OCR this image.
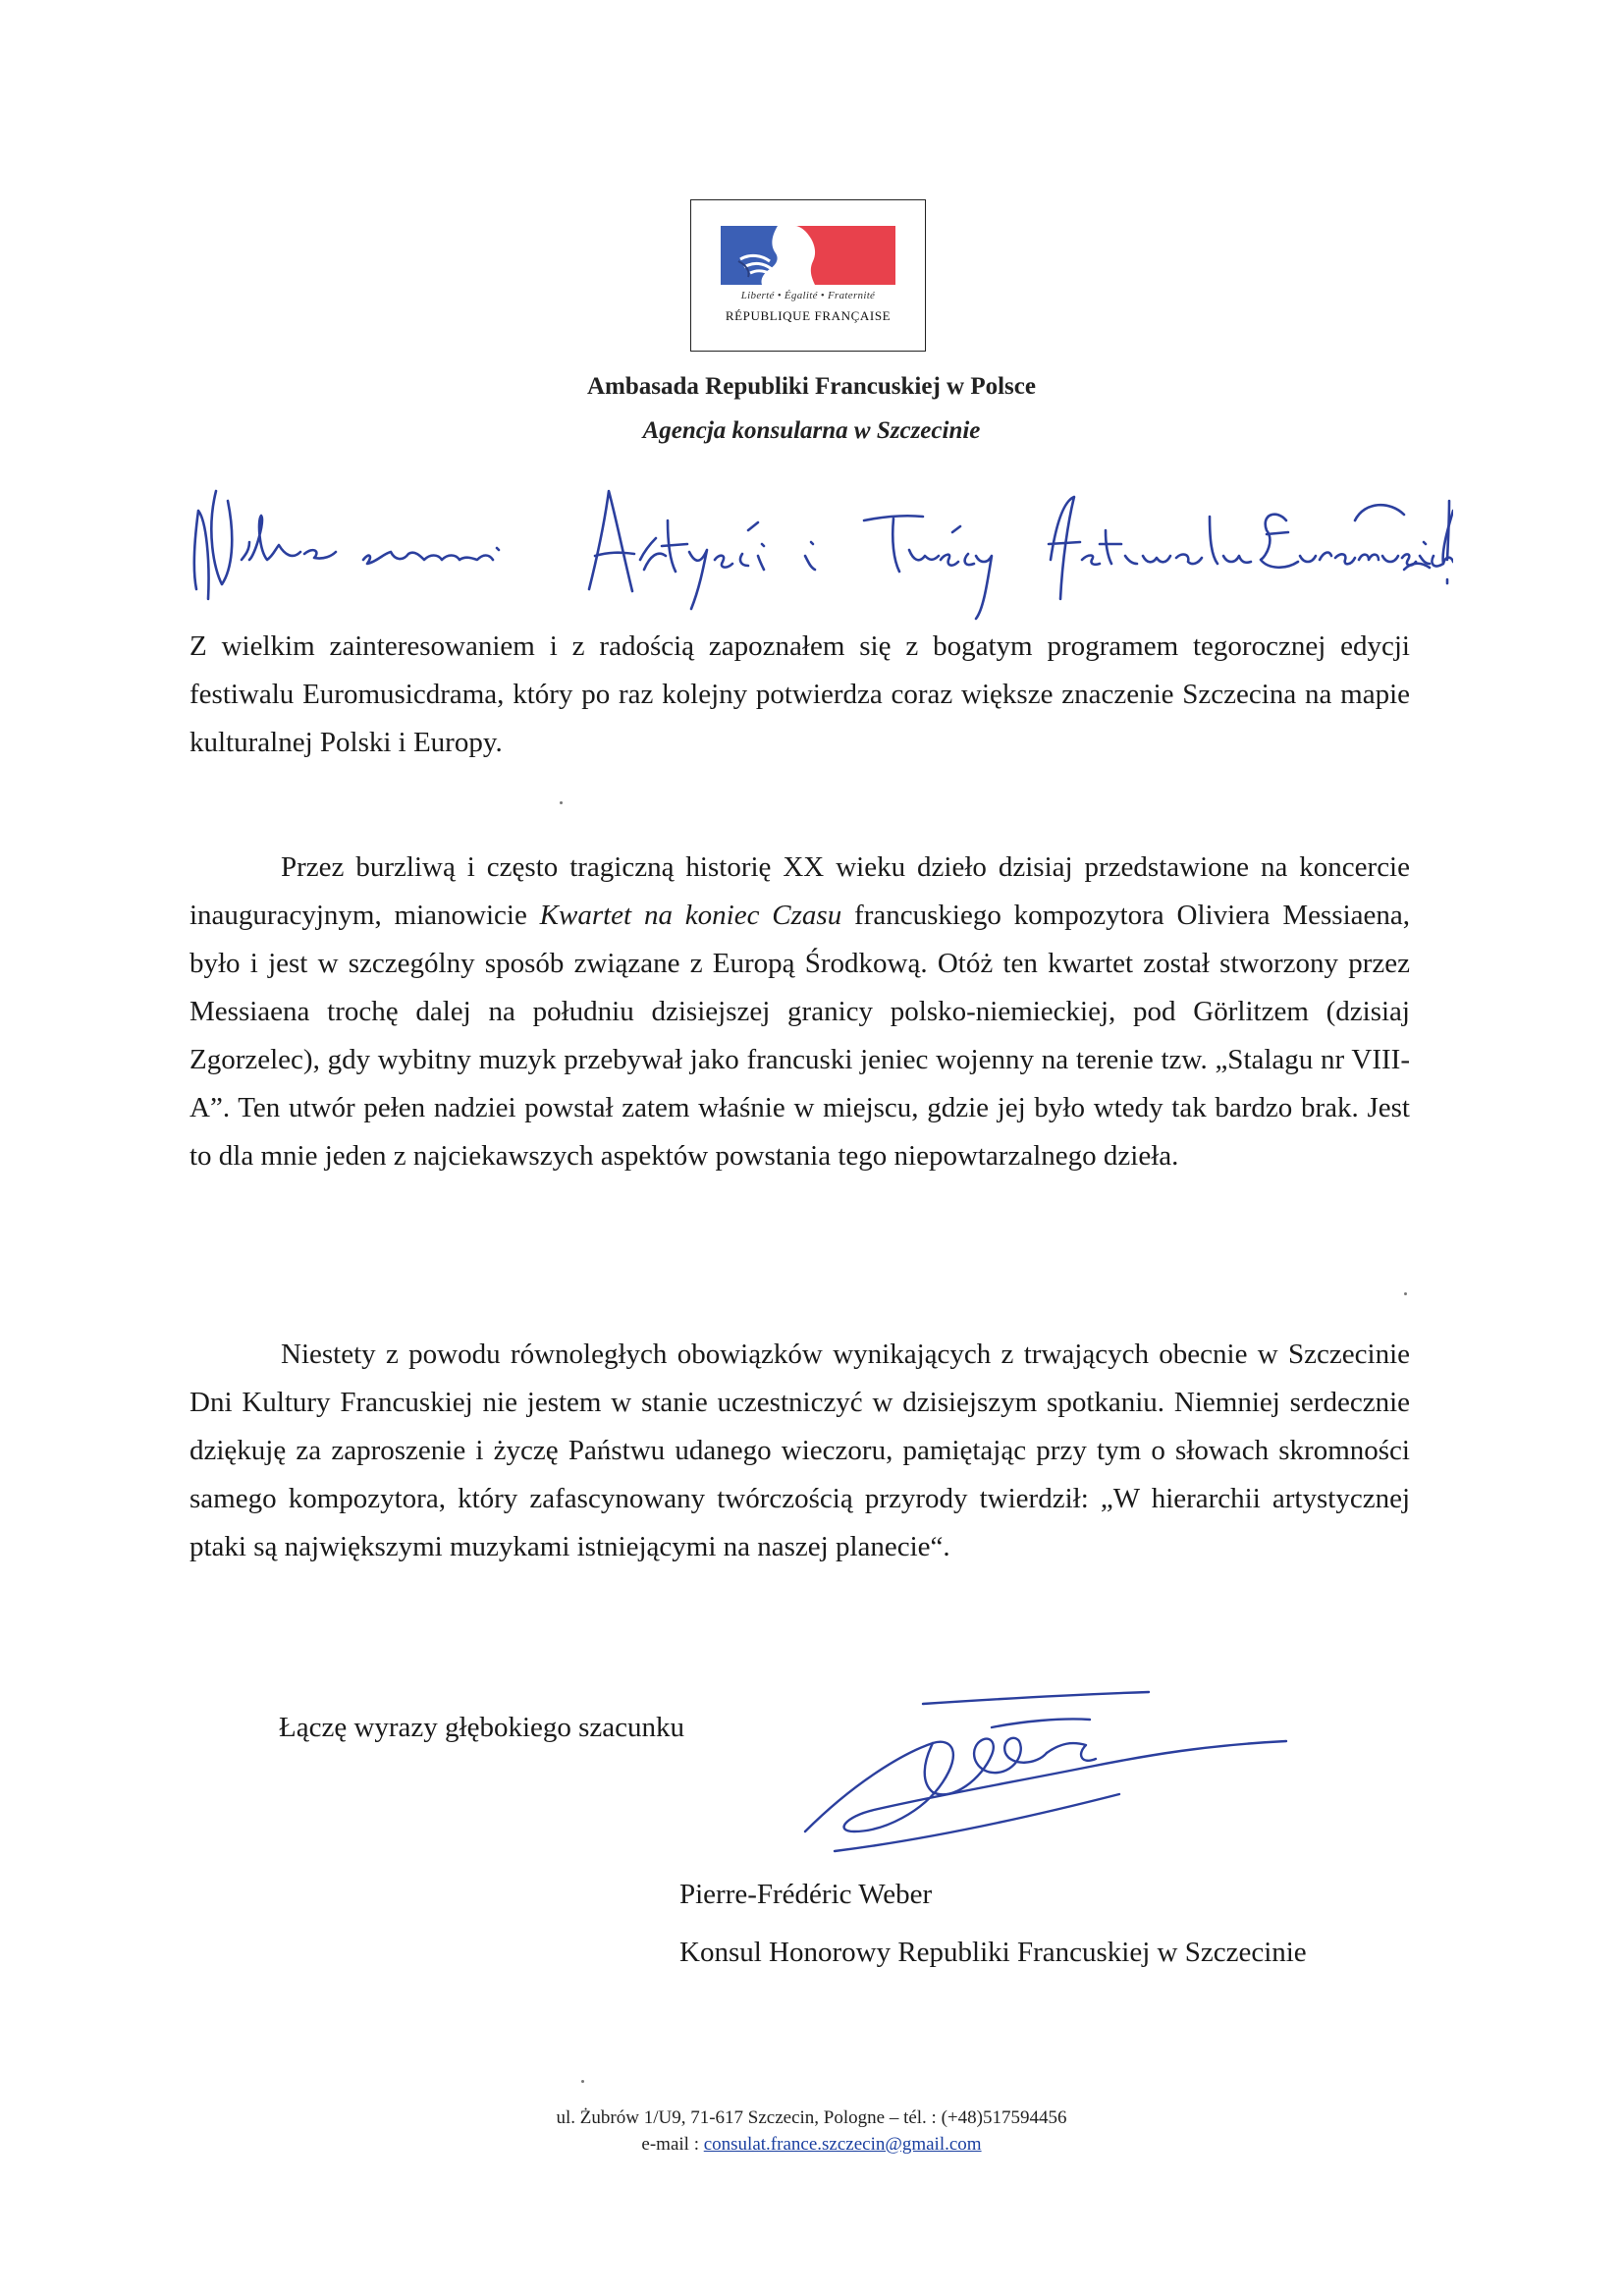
Liberté • Égalité • Fraternité
RÉPUBLIQUE FRANÇAISE
Ambasada Republiki Francuskiej w Polsce
Agencja konsularna w Szczecinie

Z wielkim zainteresowaniem i z radością zapoznałem się z bogatym programem tegorocznej edycji festiwalu Euromusicdrama, który po raz kolejny potwierdza coraz większe znaczenie Szczecina na mapie kulturalnej Polski i Europy.

Przez burzliwą i często tragiczną historię XX wieku dzieło dzisiaj przedstawione na koncercie inauguracyjnym, mianowicie Kwartet na koniec Czasu francuskiego kompozytora Oliviera Messiaena, było i jest w szczególny sposób związane z Europą Środkową. Otóż ten kwartet został stworzony przez Messiaena trochę dalej na południu dzisiejszej granicy polsko-niemieckiej, pod Görlitzem (dzisiaj Zgorzelec), gdy wybitny muzyk przebywał jako francuski jeniec wojenny na terenie tzw. „Stalagu nr VIII-A”. Ten utwór pełen nadziei powstał zatem właśnie w miejscu, gdzie jej było wtedy tak bardzo brak. Jest to dla mnie jeden z najciekawszych aspektów powstania tego niepowtarzalnego dzieła.

Niestety z powodu równoległych obowiązków wynikających z trwających obecnie w Szczecinie Dni Kultury Francuskiej nie jestem w stanie uczestniczyć w dzisiejszym spotkaniu. Niemniej serdecznie dziękuję za zaproszenie i życzę Państwu udanego wieczoru, pamiętając przy tym o słowach skromności samego kompozytora, który zafascynowany twórczością przyrody twierdził: „W hierarchii artystycznej ptaki są największymi muzykami istniejącymi na naszej planecie“.

Łączę wyrazy głębokiego szacunku
Pierre-Frédéric Weber
Konsul Honorowy Republiki Francuskiej w Szczecinie
ul. Żubrów 1/U9, 71-617 Szczecin, Pologne – tél. : (+48)517594456
e-mail : consulat.france.szczecin@gmail.com
